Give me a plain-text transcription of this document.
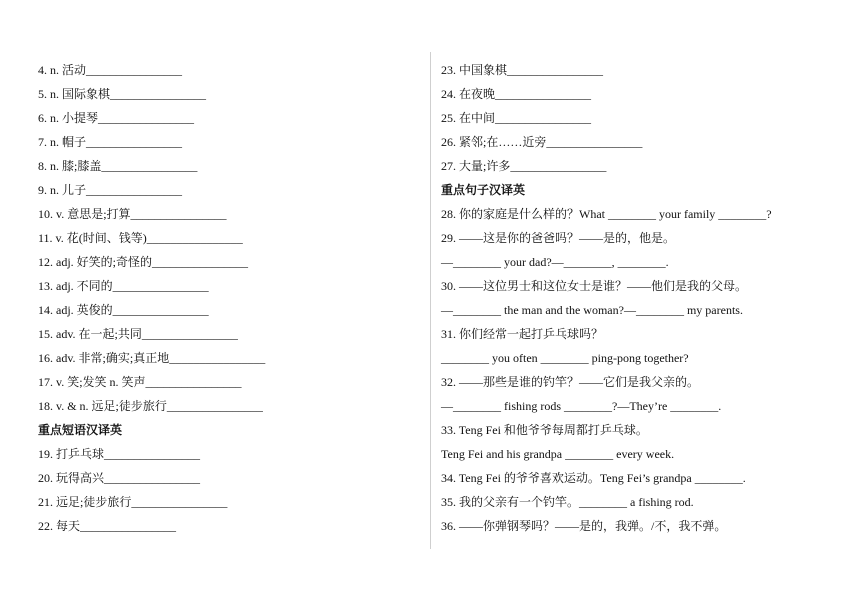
4. n. 活动________________
5. n. 国际象棋________________
6. n. 小提琴________________
7. n. 帽子________________
8. n. 膝;膝盖________________
9. n. 儿子________________
10. v. 意思是;打算________________
11. v. 花(时间、钱等)________________
12. adj. 好笑的;奇怪的________________
13. adj. 不同的________________
14. adj. 英俊的________________
15. adv. 在一起;共同________________
16. adv. 非常;确实;真正地________________
17. v. 笑;发笑 n. 笑声________________
18. v. & n. 远足;徒步旅行________________
重点短语汉译英
19. 打乒乓球________________
20. 玩得高兴________________
21. 远足;徒步旅行________________
22. 每天________________
23. 中国象棋________________
24. 在夜晚________________
25. 在中间________________
26. 紧邻;在……近旁________________
27. 大量;许多________________
重点句子汉译英
28. 你的家庭是什么样的？What ________ your family ________?
29. ——这是你的爸爸吗？——是的，他是。
—________ your dad?—________, ________.
30. ——这位男士和这位女士是谁？——他们是我的父母。
—________ the man and the woman?—________ my parents.
31. 你们经常一起打乒乓球吗？
________ you often ________ ping-pong together?
32. ——那些是谁的钓竿？——它们是我父亲的。
—________ fishing rods ________?—They’re ________.
33. Teng Fei 和他爷爷每周都打乒乓球。
Teng Fei and his grandpa ________ every week.
34. Teng Fei 的爷爷喜欢运动。Teng Fei’s grandpa ________.
35. 我的父亲有一个钓竿。________ a fishing rod.
36. ——你弹钢琴吗？——是的，我弹。/不，我不弹。
